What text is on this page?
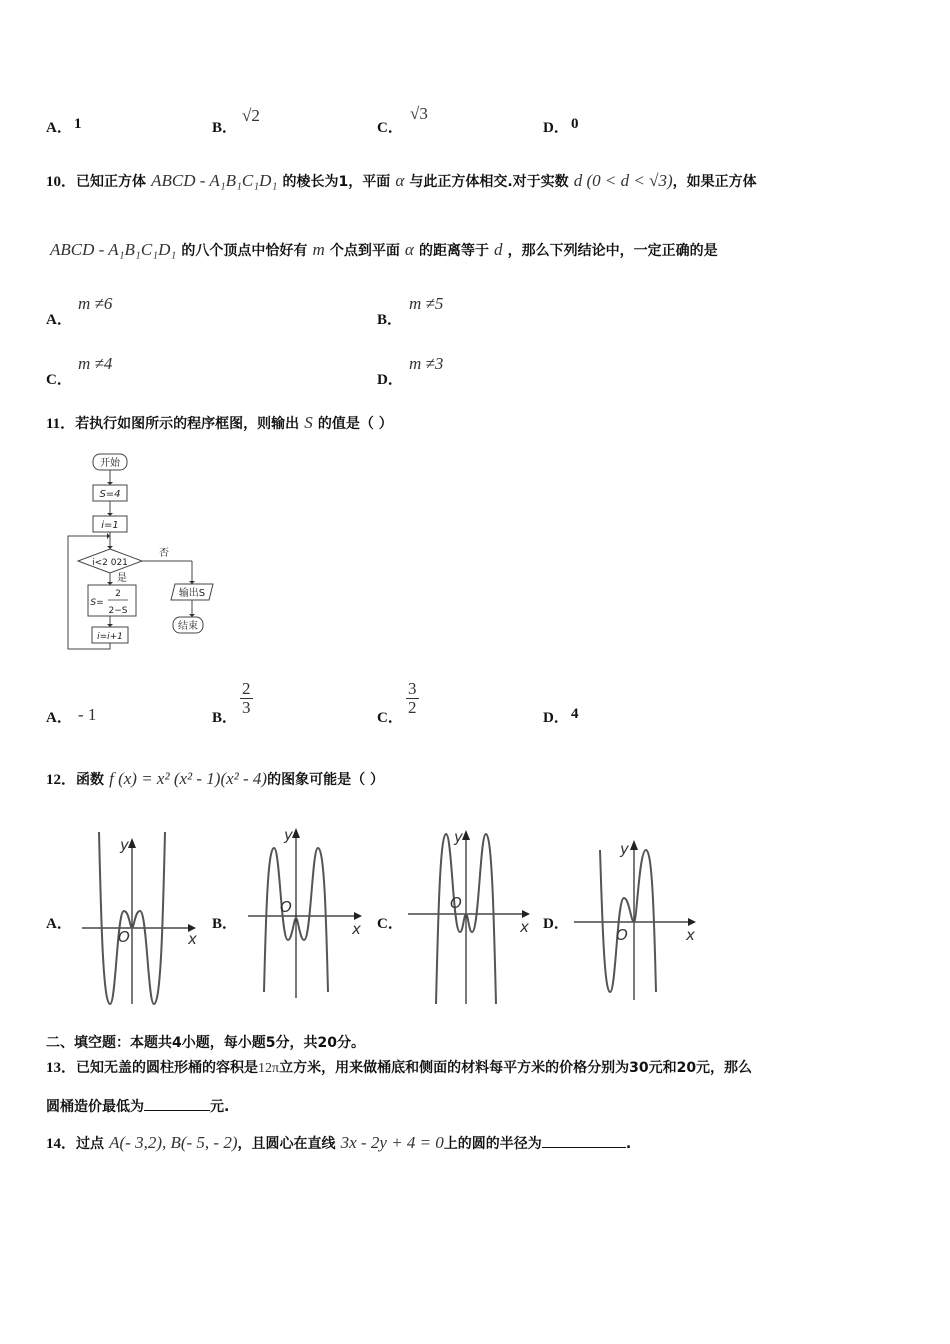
A． 1	B．
√2
C．
√3
D． 0
10．已知正方体 ABCD - A₁B₁C₁D₁ 的棱长为1，平面 α 与此正方体相交.对于实数 d (0 < d < √3)，如果正方体
ABCD - A₁B₁C₁D₁ 的八个顶点中恰好有 m 个点到平面 α 的距离等于 d ，那么下列结论中，一定正确的是
A．
m ≠6
B．
m ≠5
C．
m ≠4
D．
m ≠3
11．若执行如图所示的程序框图，则输出 S 的值是（ ）
开始
S=4
i=1
i<2 021
否
是
S=
2
2−S
i=i+1
输出S
结束
A． - 1	B．
$\frac{2}{3}$
C．
$\frac{3}{2}$
D． 4
12．函数 f (x) = x² (x² - 1)(x² - 4)的图象可能是（ ）
A．
y
x
O
B．
y
x
O
C．
y
x
O
D．
y
x
O
二、填空题：本题共4小题，每小题5分，共20分。
13．已知无盖的圆柱形桶的容积是12π立方米，用来做桶底和侧面的材料每平方米的价格分别为30元和20元，那么
圆桶造价最低为	元.
14．过点 A(- 3,2), B(- 5, - 2)，且圆心在直线 3x - 2y + 4 = 0上的圆的半径为	.
